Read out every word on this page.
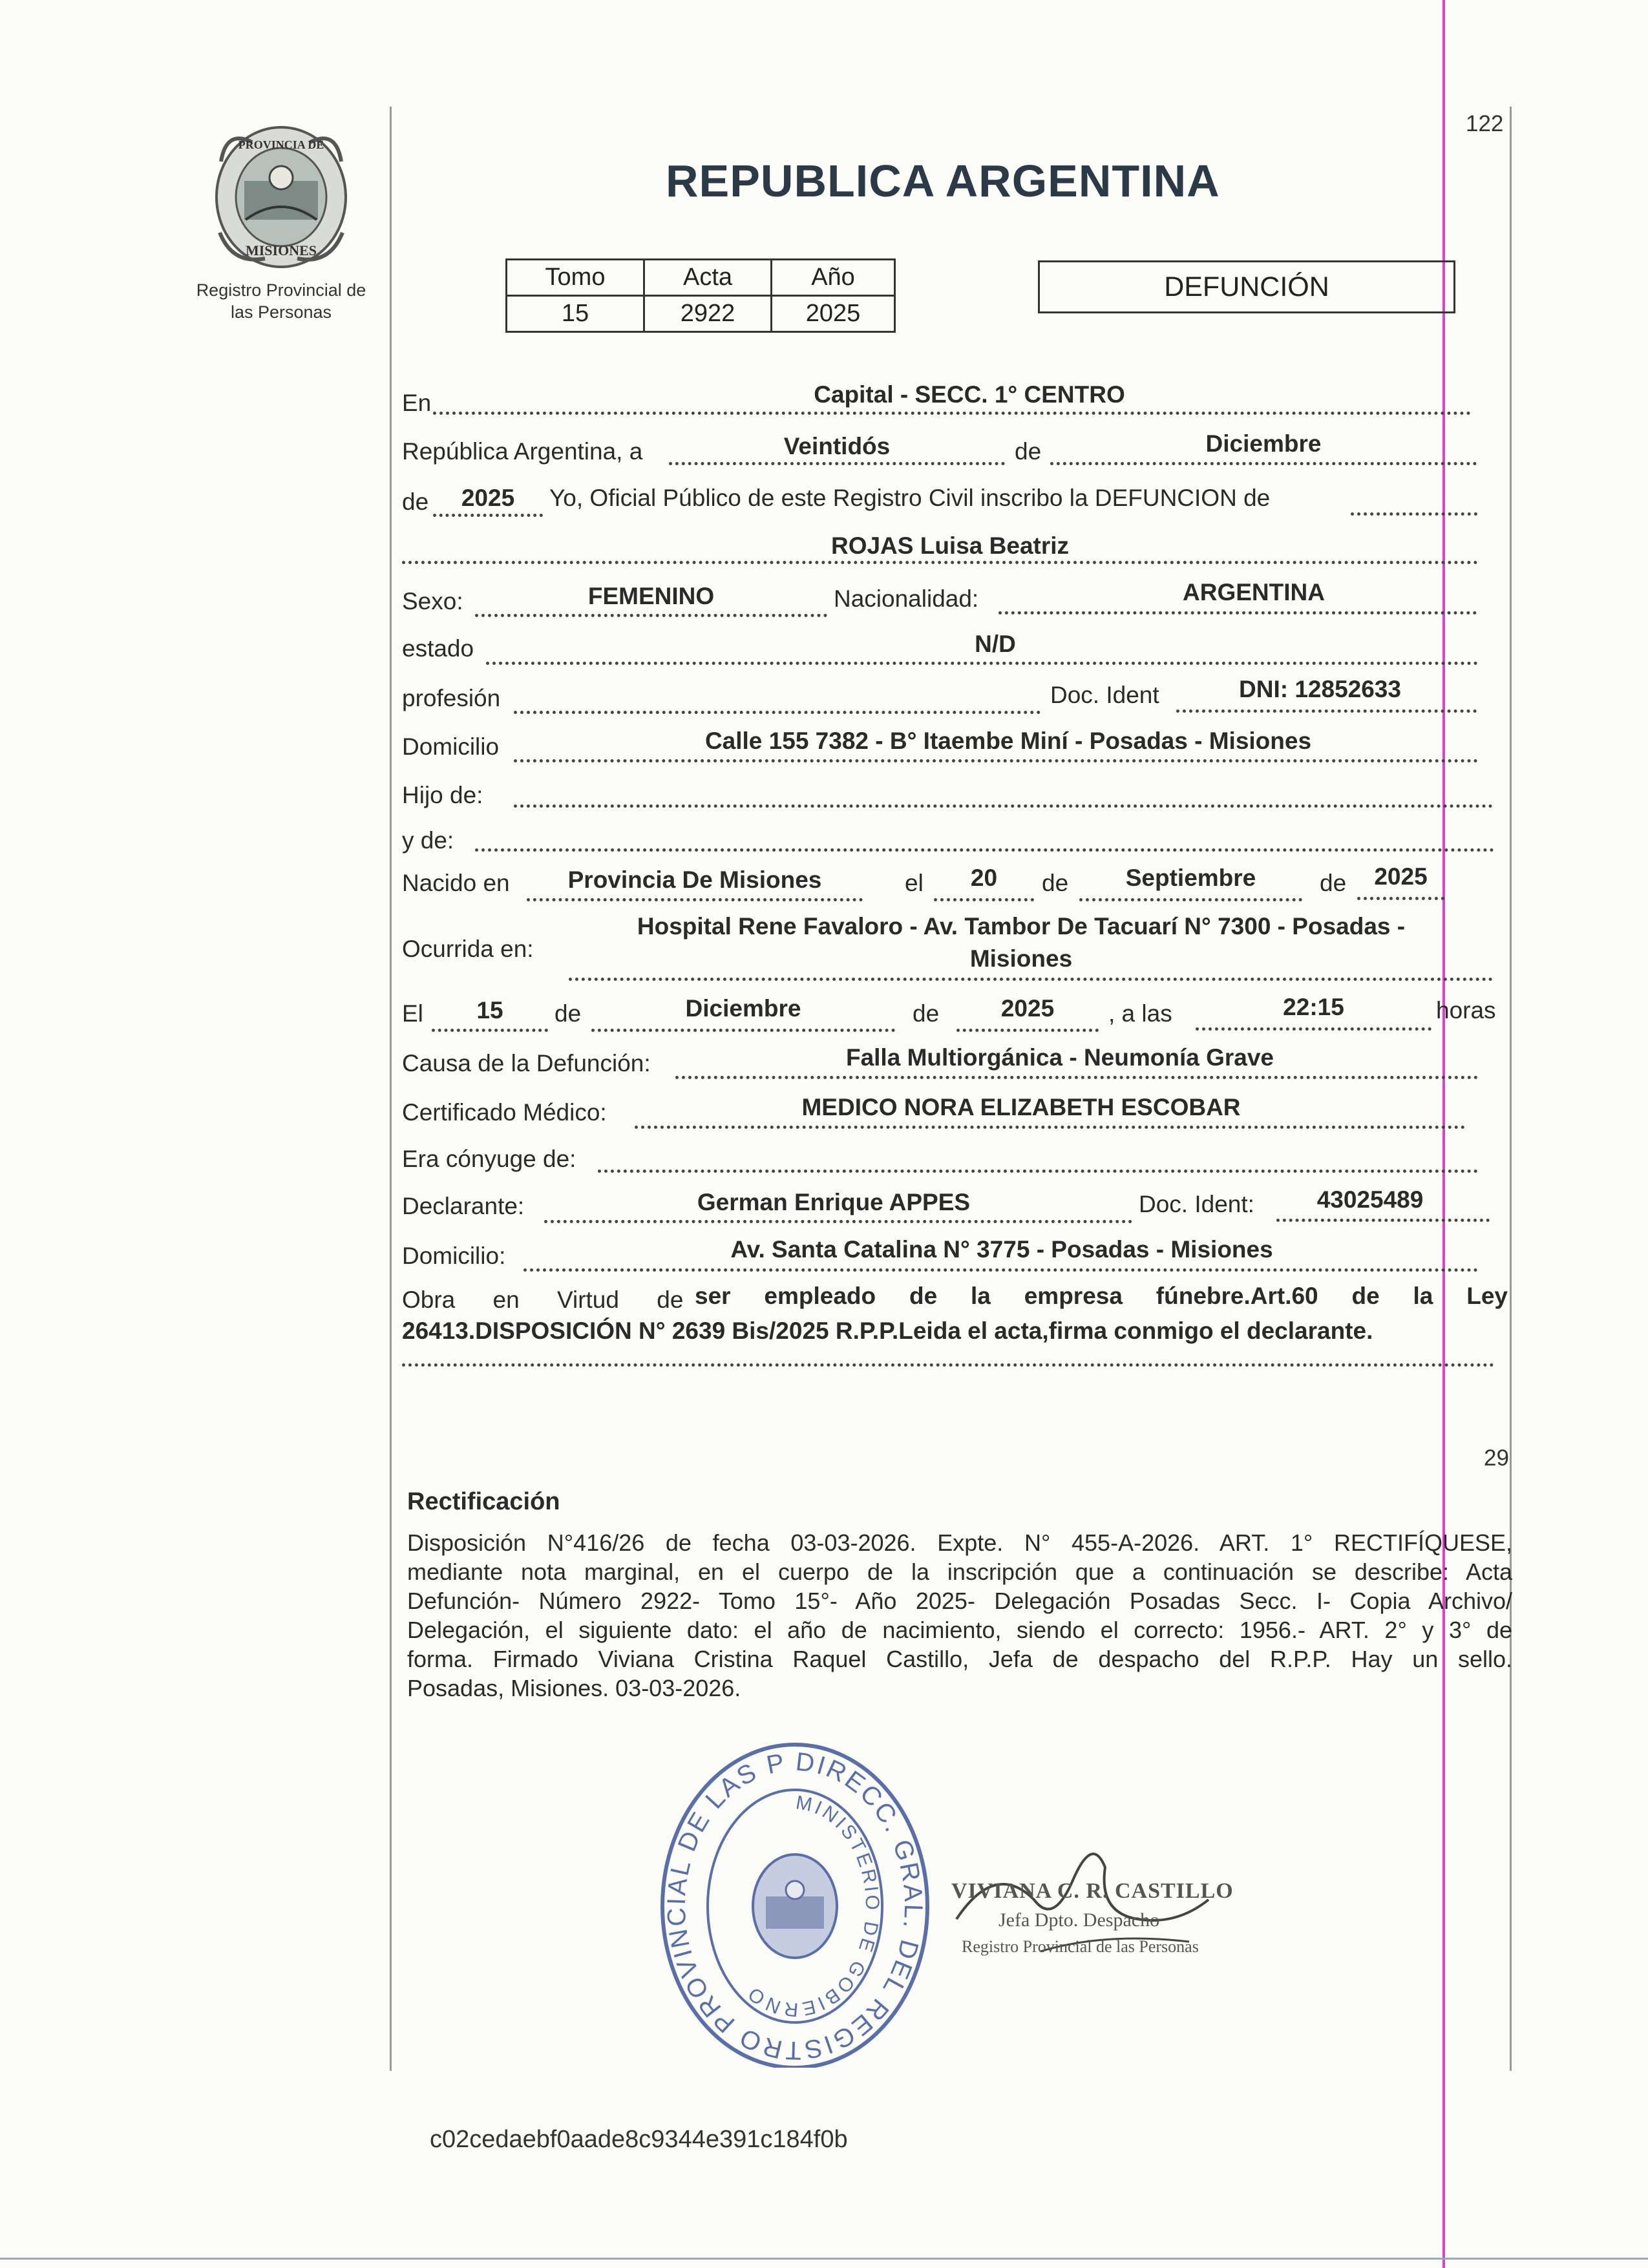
PROVINCIA DE
MISIONES
Registro Provincial de las Personas
122
REPUBLICA ARGENTINA
Tomo	Acta	Año
15	2922	2025
DEFUNCIÓN
En	Capital - SECC. 1° CENTRO
República Argentina, a	Veintidós	de	Diciembre
de	2025	Yo, Oficial Público de este Registro Civil inscribo la DEFUNCION de
ROJAS Luisa Beatriz
Sexo:	FEMENINO	Nacionalidad:	ARGENTINA
estado	N/D
profesión	Doc. Ident	DNI: 12852633
Domicilio	Calle 155 7382 - B° Itaembe Miní - Posadas - Misiones
Hijo de:
y de:
Nacido en	Provincia De Misiones	el	20	de	Septiembre	de	2025
Ocurrida en:
Hospital Rene Favaloro - Av. Tambor De Tacuarí N° 7300 - Posadas -
Misiones
El	15	de	Diciembre	de	2025	, a las	22:15	horas
Causa de la Defunción:	Falla Multiorgánica - Neumonía Grave
Certificado Médico:	MEDICO NORA ELIZABETH ESCOBAR
Era cónyuge de:
Declarante:	German Enrique APPES	Doc. Ident:	43025489
Domicilio:	Av. Santa Catalina N° 3775 - Posadas - Misiones
Obra en Virtud de ser empleado de la empresa fúnebre.Art.60 de la Ley
26413.DISPOSICIÓN N° 2639 Bis/2025 R.P.P.Leida el acta,firma conmigo el declarante.
29
Rectificación
Disposición N°416/26 de fecha 03-03-2026. Expte. N° 455-A-2026. ART. 1° RECTIFÍQUESE,
mediante nota marginal, en el cuerpo de la inscripción que a continuación se describe: Acta
Defunción- Número 2922- Tomo 15°- Año 2025- Delegación Posadas Secc. I- Copia Archivo/
Delegación, el siguiente dato: el año de nacimiento, siendo el correcto: 1956.- ART. 2° y 3° de
forma. Firmado Viviana Cristina Raquel Castillo, Jefa de despacho del R.P.P. Hay un sello.
Posadas, Misiones. 03-03-2026.
DIRECC. GRAL. DEL REGISTRO PROVINCIAL DE LAS P
MINISTERIO DE GOBIERNO
VIVIANA C. R. CASTILLO
Jefa Dpto. Despacho
Registro Provincial de las Personas
c02cedaebf0aade8c9344e391c184f0b
